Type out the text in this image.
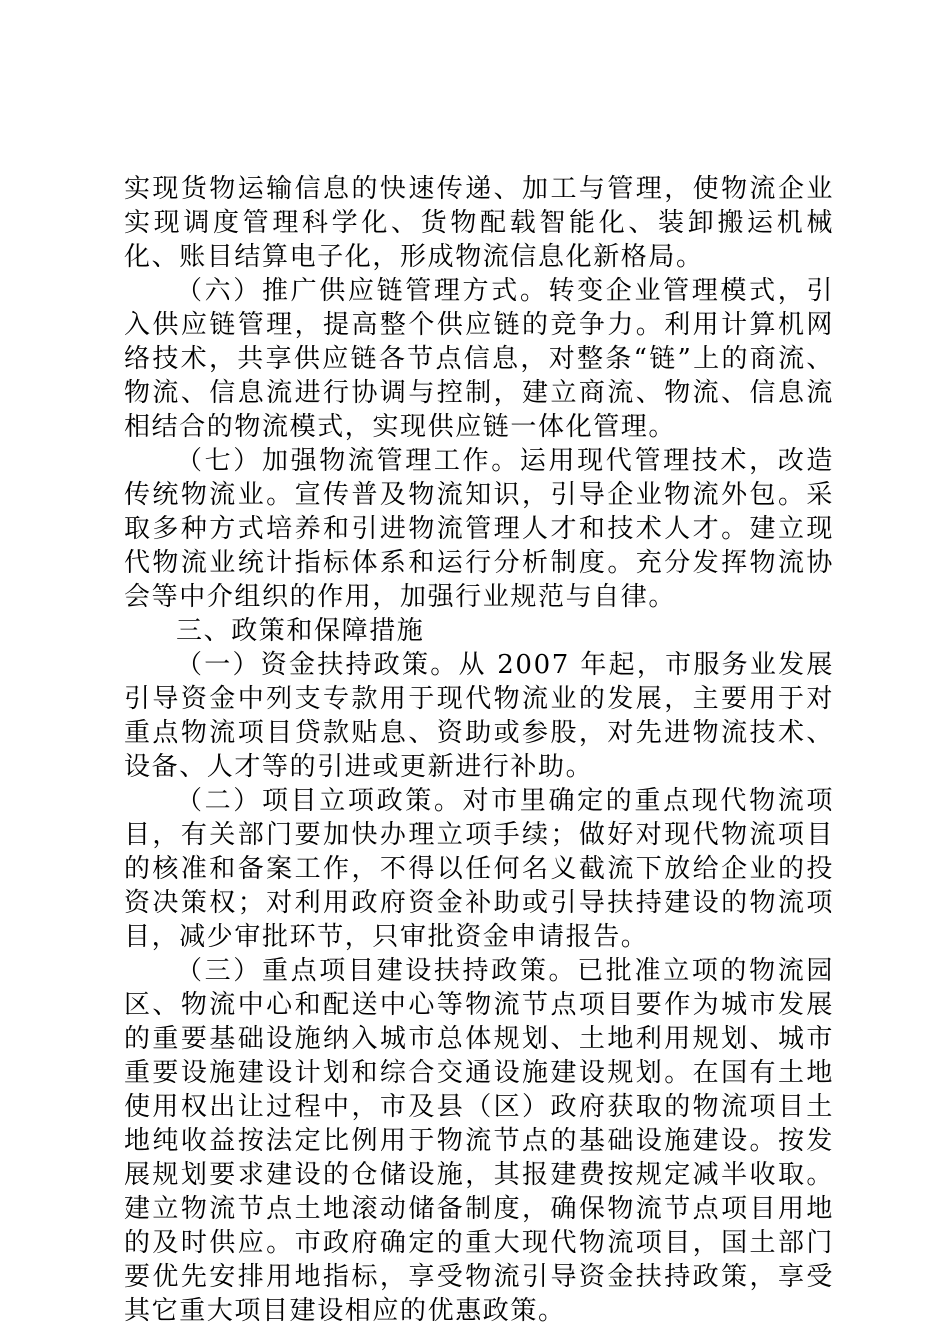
实现货物运输信息的快速传递、加工与管理，使物流企业实现调度管理科学化、货物配载智能化、装卸搬运机械化、账目结算电子化，形成物流信息化新格局。

（六）推广供应链管理方式。转变企业管理模式，引入供应链管理，提高整个供应链的竞争力。利用计算机网络技术，共享供应链各节点信息，对整条“链”上的商流、物流、信息流进行协调与控制，建立商流、物流、信息流相结合的物流模式，实现供应链一体化管理。

（七）加强物流管理工作。运用现代管理技术，改造传统物流业。宣传普及物流知识，引导企业物流外包。采取多种方式培养和引进物流管理人才和技术人才。建立现代物流业统计指标体系和运行分析制度。充分发挥物流协会等中介组织的作用，加强行业规范与自律。

三、政策和保障措施

（一）资金扶持政策。从 2007 年起，市服务业发展引导资金中列支专款用于现代物流业的发展，主要用于对重点物流项目贷款贴息、资助或参股，对先进物流技术、设备、人才等的引进或更新进行补助。

（二）项目立项政策。对市里确定的重点现代物流项目，有关部门要加快办理立项手续；做好对现代物流项目的核准和备案工作，不得以任何名义截流下放给企业的投资决策权；对利用政府资金补助或引导扶持建设的物流项目，减少审批环节，只审批资金申请报告。

（三）重点项目建设扶持政策。已批准立项的物流园区、物流中心和配送中心等物流节点项目要作为城市发展的重要基础设施纳入城市总体规划、土地利用规划、城市重要设施建设计划和综合交通设施建设规划。在国有土地使用权出让过程中，市及县（区）政府获取的物流项目土地纯收益按法定比例用于物流节点的基础设施建设。按发展规划要求建设的仓储设施，其报建费按规定减半收取。建立物流节点土地滚动储备制度，确保物流节点项目用地的及时供应。市政府确定的重大现代物流项目，国土部门要优先安排用地指标，享受物流引导资金扶持政策，享受其它重大项目建设相应的优惠政策。
